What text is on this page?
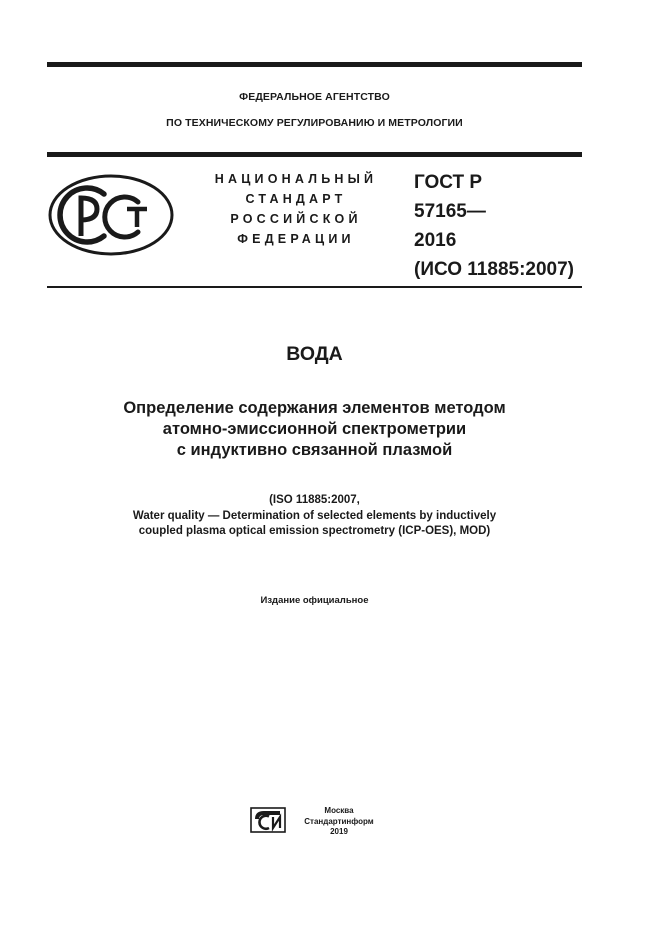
ФЕДЕРАЛЬНОЕ АГЕНТСТВО
ПО ТЕХНИЧЕСКОМУ РЕГУЛИРОВАНИЮ И МЕТРОЛОГИИ
НАЦИОНАЛЬНЫЙ
СТАНДАРТ
РОССИЙСКОЙ
ФЕДЕРАЦИИ
ГОСТ Р
57165—
2016
(ИСО 11885:2007)
ВОДА
Определение содержания элементов методом
атомно-эмиссионной спектрометрии
с индуктивно связанной плазмой
(ISO 11885:2007,
Water quality — Determination of selected elements by inductively
coupled plasma optical emission spectrometry (ICP-OES), MOD)
Издание официальное
Москва
Стандартинформ
2019
